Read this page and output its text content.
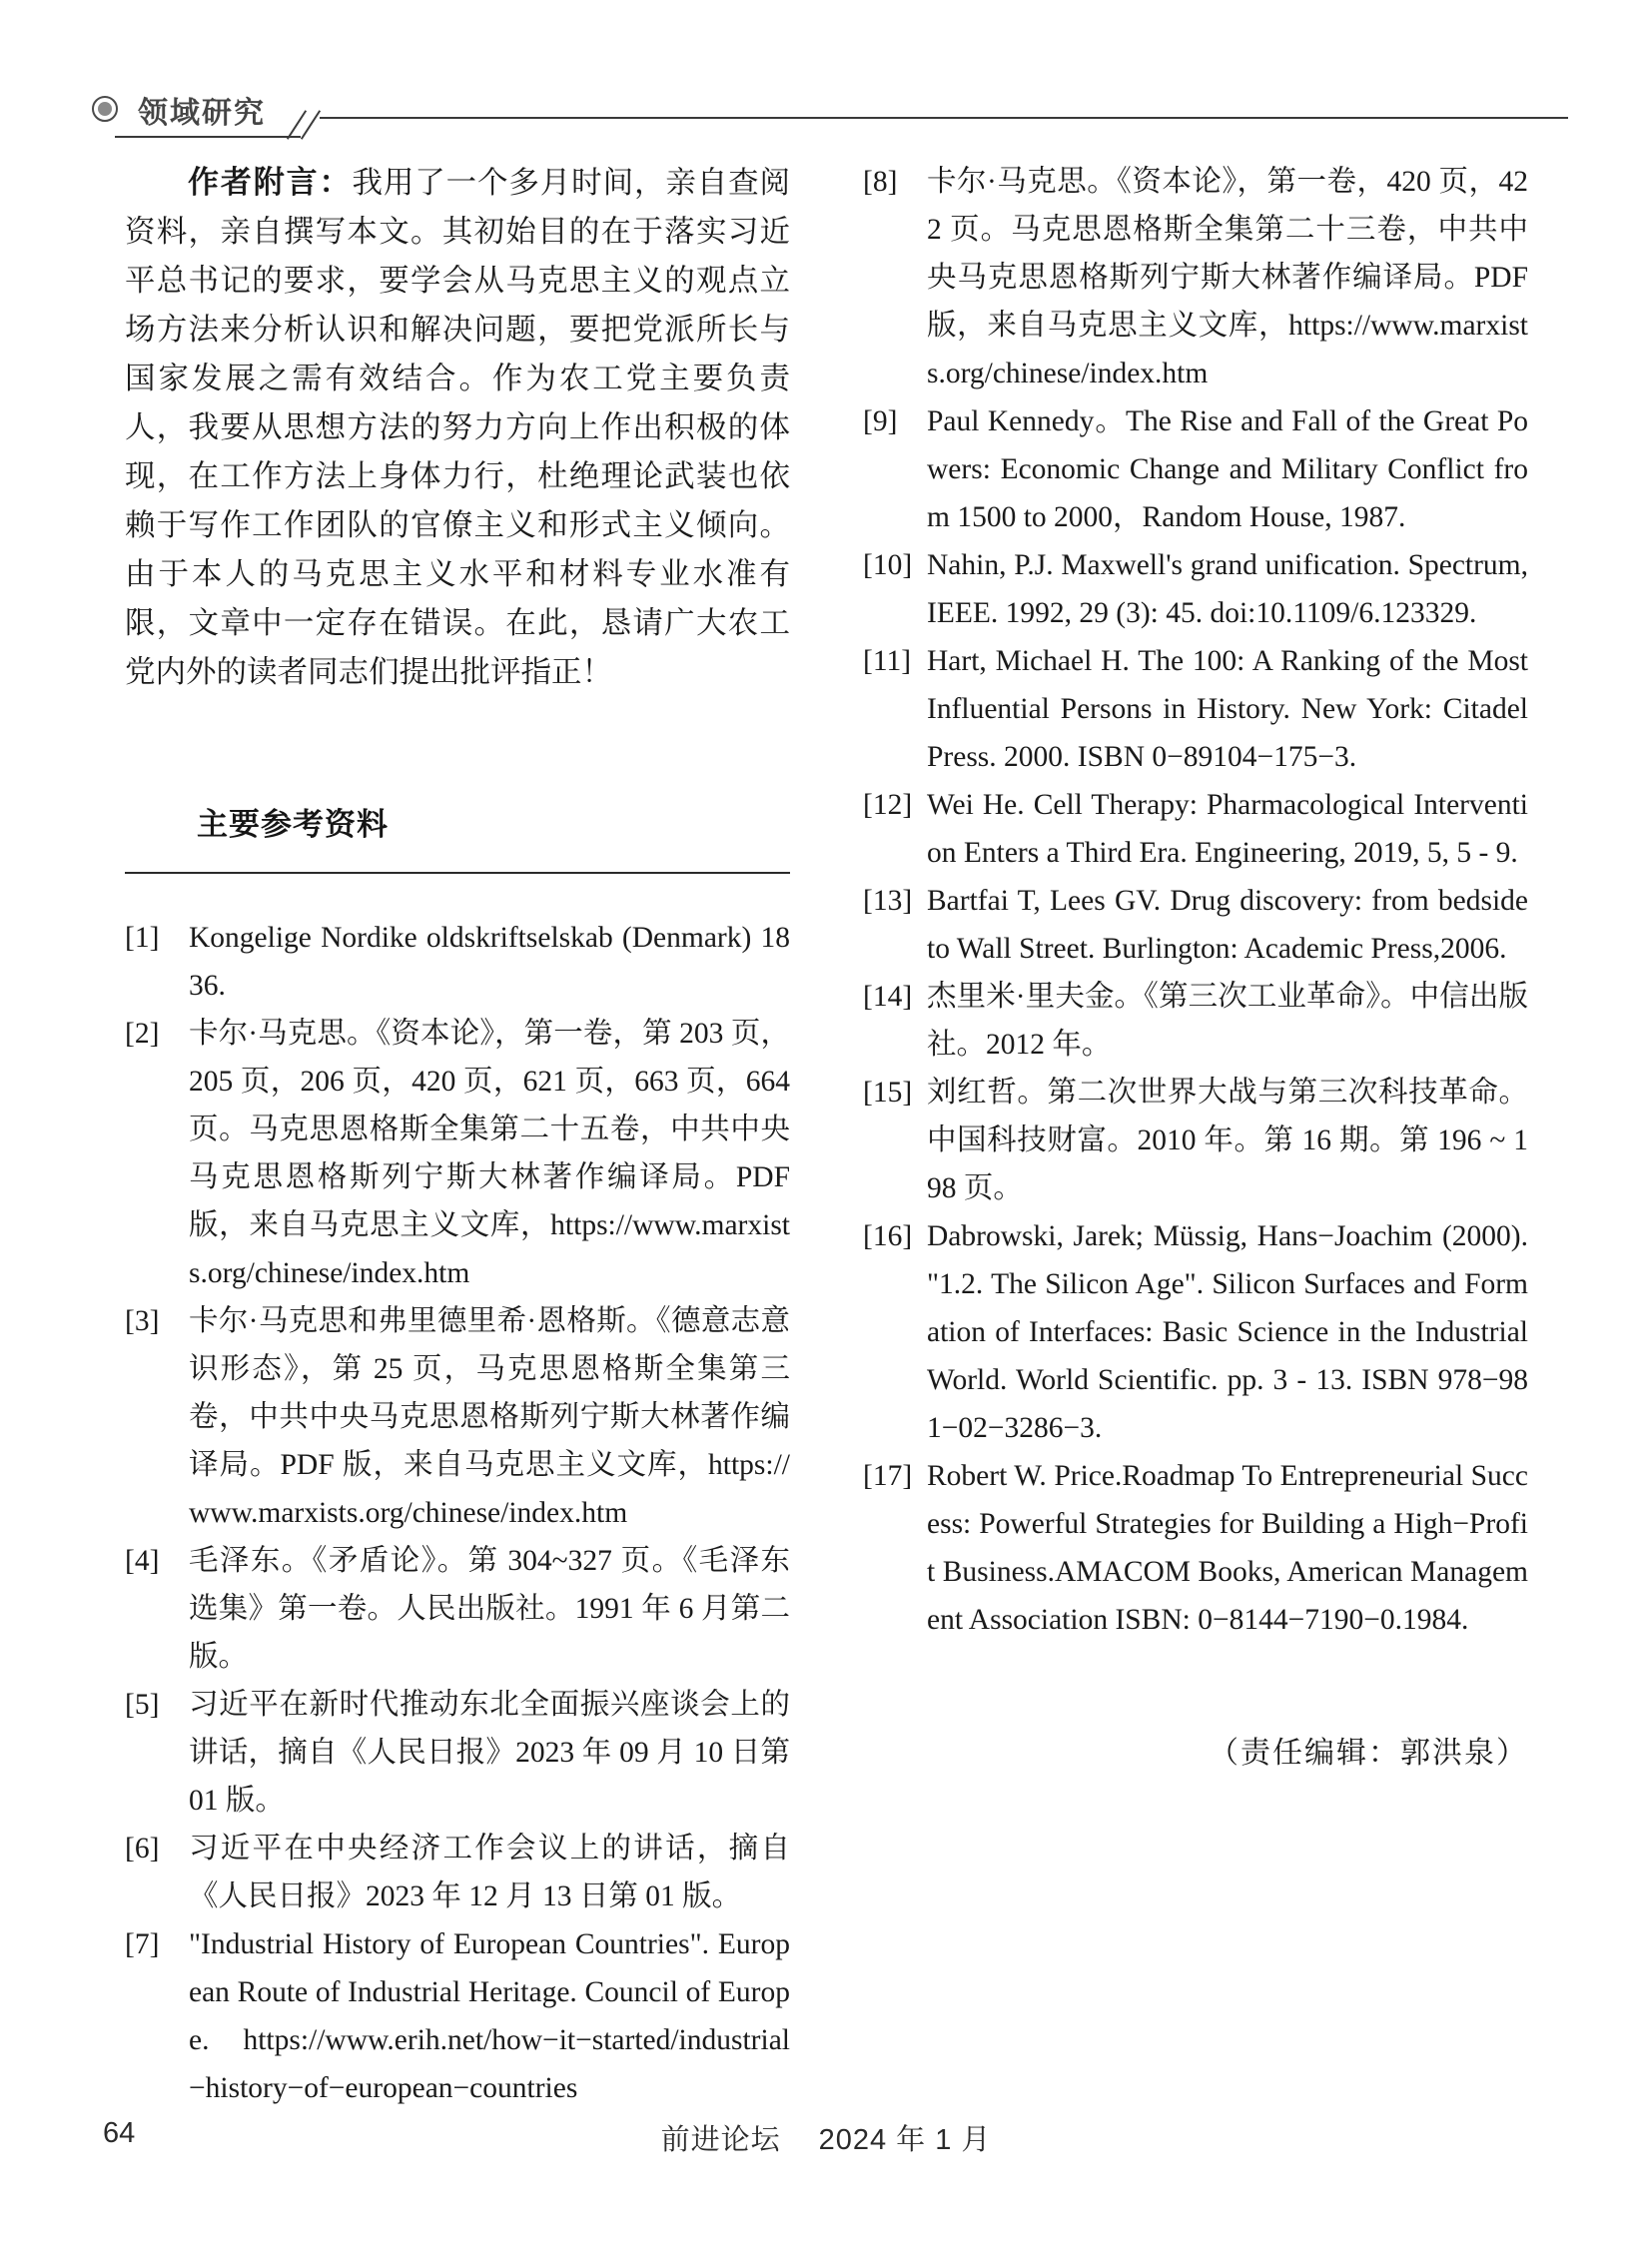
领域研究

作者附言：我用了一个多月时间，亲自查阅资料，亲自撰写本文。其初始目的在于落实习近平总书记的要求，要学会从马克思主义的观点立场方法来分析认识和解决问题，要把党派所长与国家发展之需有效结合。作为农工党主要负责人，我要从思想方法的努力方向上作出积极的体现，在工作方法上身体力行，杜绝理论武装也依赖于写作工作团队的官僚主义和形式主义倾向。由于本人的马克思主义水平和材料专业水准有限，文章中一定存在错误。在此，恳请广大农工党内外的读者同志们提出批评指正！

主要参考资料
[1]	Kongelige Nordike oldskriftselskab (Denmark) 1836.
[2]	卡尔·马克思。《资本论》，第一卷，第 203 页，205 页，206 页，420 页，621 页，663 页，664 页。马克思恩格斯全集第二十五卷，中共中央马克思恩格斯列宁斯大林著作编译局。PDF 版，来自马克思主义文库，https://www.marxists.org/chinese/index.htm
[3]	卡尔·马克思和弗里德里希·恩格斯。《德意志意识形态》，第 25 页，马克思恩格斯全集第三卷，中共中央马克思恩格斯列宁斯大林著作编译局。PDF 版，来自马克思主义文库，https://www.marxists.org/chinese/index.htm
[4]	毛泽东。《矛盾论》。第 304~327 页。《毛泽东选集》第一卷。人民出版社。1991 年 6 月第二版。
[5]	习近平在新时代推动东北全面振兴座谈会上的讲话，摘自《人民日报》2023 年 09 月 10 日第 01 版。
[6]	习近平在中央经济工作会议上的讲话，摘自《人民日报》2023 年 12 月 13 日第 01 版。
[7]	"Industrial History of European Countries". European Route of Industrial Heritage. Council of Europe. https://www.erih.net/how−it−started/industrial−history−of−european−countries
[8]	卡尔·马克思。《资本论》，第一卷，420 页，422 页。马克思恩格斯全集第二十三卷，中共中央马克思恩格斯列宁斯大林著作编译局。PDF 版，来自马克思主义文库，https://www.marxists.org/chinese/index.htm
[9]	Paul Kennedy。The Rise and Fall of the Great Powers: Economic Change and Military Conflict from 1500 to 2000，Random House, 1987.
[10] Nahin, P.J. Maxwell's grand unification. Spectrum, IEEE. 1992, 29 (3): 45. doi:10.1109/6.123329.
[11] Hart, Michael H. The 100: A Ranking of the Most Influential Persons in History. New York: Citadel Press. 2000. ISBN 0−89104−175−3.
[12] Wei He. Cell Therapy: Pharmacological Intervention Enters a Third Era. Engineering, 2019, 5, 5 - 9.
[13] Bartfai T, Lees GV. Drug discovery: from bedside to Wall Street. Burlington: Academic Press,2006.
[14] 杰里米·里夫金。《第三次工业革命》。中信出版社。2012 年。
[15] 刘红哲。第二次世界大战与第三次科技革命。中国科技财富。2010 年。第 16 期。第 196 ~ 198 页。
[16] Dabrowski, Jarek; Müssig, Hans−Joachim (2000). "1.2. The Silicon Age". Silicon Surfaces and Formation of Interfaces: Basic Science in the Industrial World. World Scientific. pp. 3 - 13. ISBN 978−981−02−3286−3.
[17] Robert W. Price.Roadmap To Entrepreneurial Success: Powerful Strategies for Building a High−Profit Business.AMACOM Books, American Management Association ISBN: 0−8144−7190−0.1984.
（责任编辑：郭洪泉）
64	前进论坛 2024 年 1 月
